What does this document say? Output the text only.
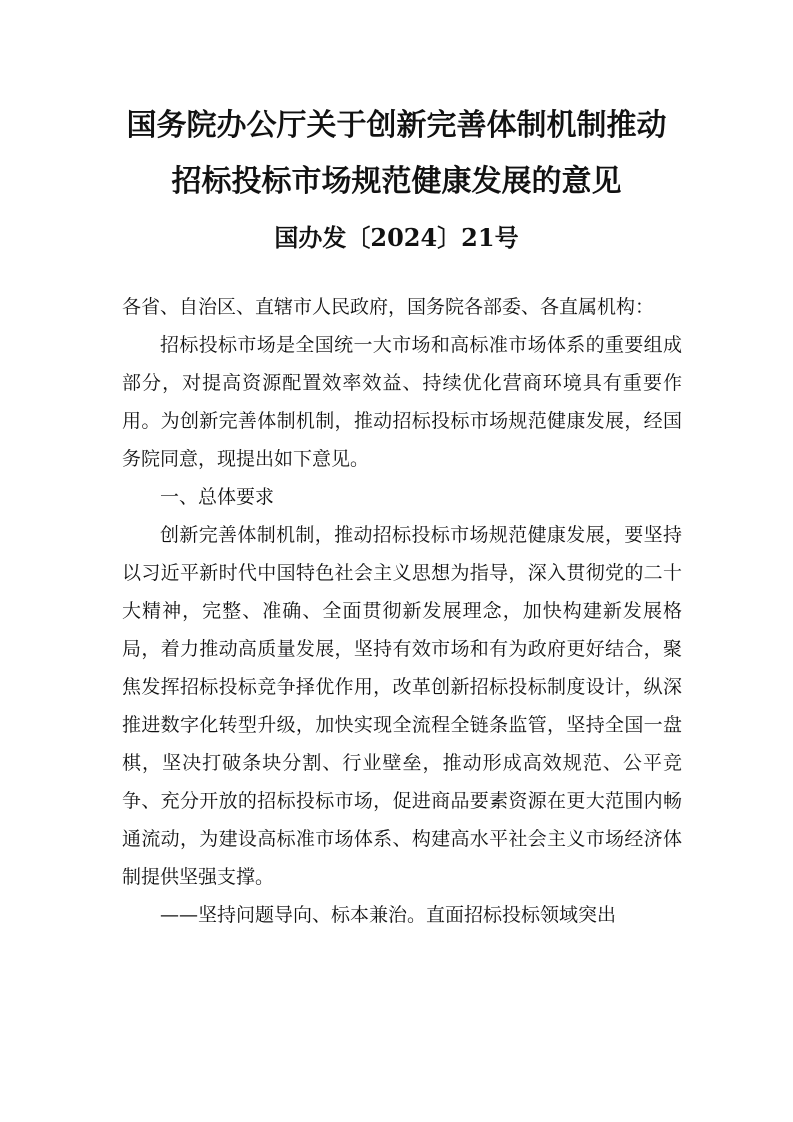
国务院办公厅关于创新完善体制机制推动
招标投标市场规范健康发展的意见
国办发〔2024〕21号

各省、自治区、直辖市人民政府，国务院各部委、各直属机构：

招标投标市场是全国统一大市场和高标准市场体系的重要组成部分，对提高资源配置效率效益、持续优化营商环境具有重要作用。为创新完善体制机制，推动招标投标市场规范健康发展，经国务院同意，现提出如下意见。

一、总体要求

创新完善体制机制，推动招标投标市场规范健康发展，要坚持以习近平新时代中国特色社会主义思想为指导，深入贯彻党的二十大精神，完整、准确、全面贯彻新发展理念，加快构建新发展格局，着力推动高质量发展，坚持有效市场和有为政府更好结合，聚焦发挥招标投标竞争择优作用，改革创新招标投标制度设计，纵深推进数字化转型升级，加快实现全流程全链条监管，坚持全国一盘棋，坚决打破条块分割、行业壁垒，推动形成高效规范、公平竞争、充分开放的招标投标市场，促进商品要素资源在更大范围内畅通流动，为建设高标准市场体系、构建高水平社会主义市场经济体制提供坚强支撑。

——坚持问题导向、标本兼治。直面招标投标领域突出
